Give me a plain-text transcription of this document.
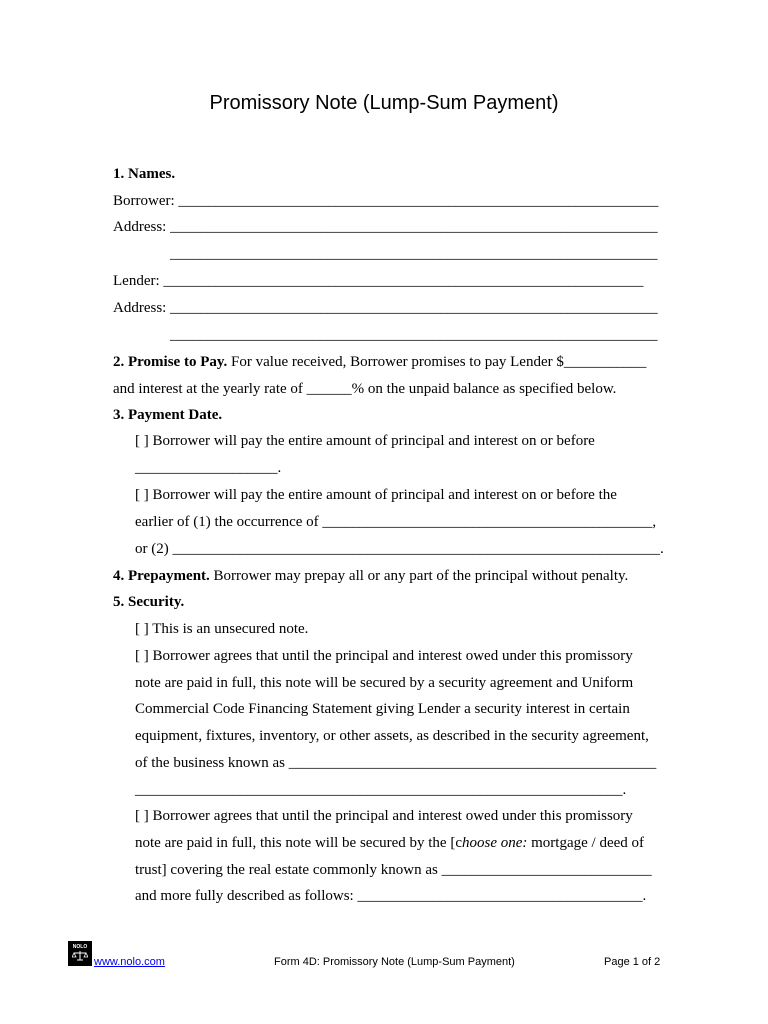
Promissory Note (Lump-Sum Payment)
1. Names.
Borrower: ________________________________________________________________
Address: _________________________________________________________________
_________________________________________________________________
Lender: ________________________________________________________________
Address: _________________________________________________________________
_________________________________________________________________
2. Promise to Pay. For value received, Borrower promises to pay Lender $___________
and interest at the yearly rate of ______% on the unpaid balance as specified below.
3. Payment Date.
[ ] Borrower will pay the entire amount of principal and interest on or before
___________________.
[ ] Borrower will pay the entire amount of principal and interest on or before the
earlier of (1) the occurrence of ____________________________________________,
or (2) _________________________________________________________________.
4. Prepayment. Borrower may prepay all or any part of the principal without penalty.
5. Security.
[ ] This is an unsecured note.
[ ] Borrower agrees that until the principal and interest owed under this promissory
note are paid in full, this note will be secured by a security agreement and Uniform
Commercial Code Financing Statement giving Lender a security interest in certain
equipment, fixtures, inventory, or other assets, as described in the security agreement,
of the business known as _________________________________________________
_________________________________________________________________.
[ ] Borrower agrees that until the principal and interest owed under this promissory
note are paid in full, this note will be secured by the [choose one: mortgage / deed of
trust] covering the real estate commonly known as ____________________________
and more fully described as follows: ______________________________________.
NOLO
www.nolo.com	Form 4D: Promissory Note (Lump-Sum Payment)	Page 1 of 2
